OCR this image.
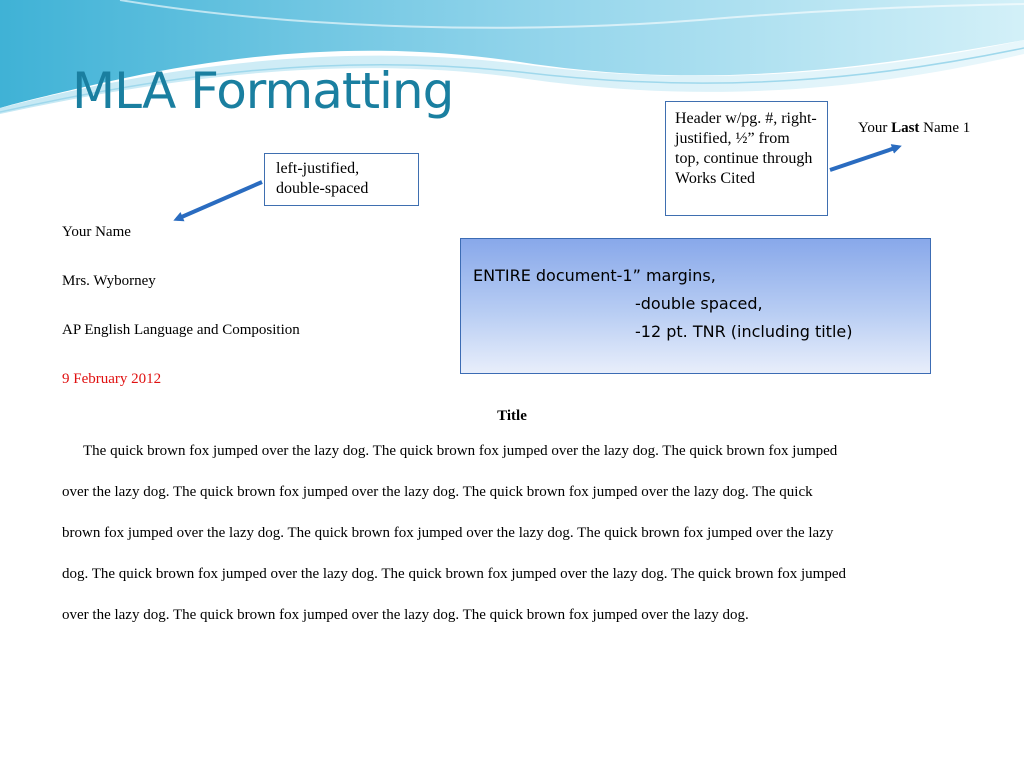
MLA Formatting	Header w/pg. #, right-justified, ½” from top, continue through Works Cited
left-justified, double-spaced
Your Last Name 1
Your Name
Mrs. Wyborney
AP English Language and Composition
9 February 2012
ENTIRE document-1” margins,
-double spaced,
-12 pt. TNR (including title)
Title
The quick brown fox jumped over the lazy dog. The quick brown fox jumped over the lazy dog. The quick brown fox jumped
over the lazy dog. The quick brown fox jumped over the lazy dog. The quick brown fox jumped over the lazy dog. The quick
brown fox jumped over the lazy dog. The quick brown fox jumped over the lazy dog. The quick brown fox jumped over the lazy
dog. The quick brown fox jumped over the lazy dog. The quick brown fox jumped over the lazy dog. The quick brown fox jumped
over the lazy dog. The quick brown fox jumped over the lazy dog. The quick brown fox jumped over the lazy dog.
